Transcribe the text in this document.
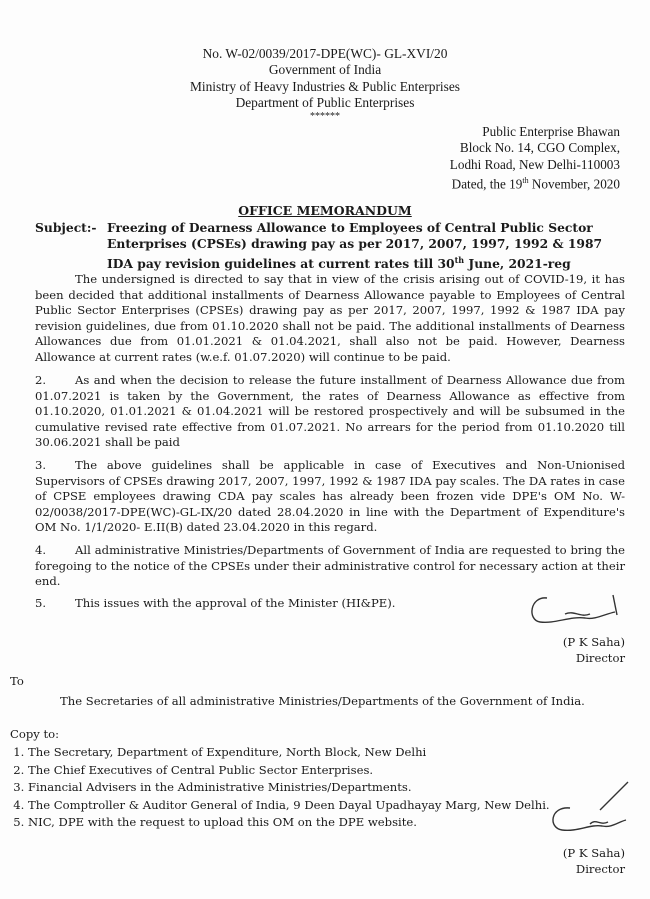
No. W-02/0039/2017-DPE(WC)- GL-XVI/20
Government of India
Ministry of Heavy Industries & Public Enterprises
Department of Public Enterprises
******
Public Enterprise Bhawan
Block No. 14, CGO Complex,
Lodhi Road, New Delhi-110003
Dated, the 19th November, 2020
OFFICE MEMORANDUM
Subject:- Freezing of Dearness Allowance to Employees of Central Public Sector Enterprises (CPSEs) drawing pay as per 2017, 2007, 1997, 1992 & 1987 IDA pay revision guidelines at current rates till 30th June, 2021-reg
The undersigned is directed to say that in view of the crisis arising out of COVID-19, it has been decided that additional installments of Dearness Allowance payable to Employees of Central Public Sector Enterprises (CPSEs) drawing pay as per 2017, 2007, 1997, 1992 & 1987 IDA pay revision guidelines, due from 01.10.2020 shall not be paid. The additional installments of Dearness Allowances due from 01.01.2021 & 01.04.2021, shall also not be paid. However, Dearness Allowance at current rates (w.e.f. 01.07.2020) will continue to be paid.
2. As and when the decision to release the future installment of Dearness Allowance due from 01.07.2021 is taken by the Government, the rates of Dearness Allowance as effective from 01.10.2020, 01.01.2021 & 01.04.2021 will be restored prospectively and will be subsumed in the cumulative revised rate effective from 01.07.2021. No arrears for the period from 01.10.2020 till 30.06.2021 shall be paid
3. The above guidelines shall be applicable in case of Executives and Non-Unionised Supervisors of CPSEs drawing 2017, 2007, 1997, 1992 & 1987 IDA pay scales. The DA rates in case of CPSE employees drawing CDA pay scales has already been frozen vide DPE's OM No. W-02/0038/2017-DPE(WC)-GL-IX/20 dated 28.04.2020 in line with the Department of Expenditure's OM No. 1/1/2020- E.II(B) dated 23.04.2020 in this regard.
4. All administrative Ministries/Departments of Government of India are requested to bring the foregoing to the notice of the CPSEs under their administrative control for necessary action at their end.
5. This issues with the approval of the Minister (HI&PE).
(P K Saha)
Director
To
The Secretaries of all administrative Ministries/Departments of the Government of India.
Copy to:
1. The Secretary, Department of Expenditure, North Block, New Delhi
2. The Chief Executives of Central Public Sector Enterprises.
3. Financial Advisers in the Administrative Ministries/Departments.
4. The Comptroller & Auditor General of India, 9 Deen Dayal Upadhayay Marg, New Delhi.
5. NIC, DPE with the request to upload this OM on the DPE website.
(P K Saha)
Director
